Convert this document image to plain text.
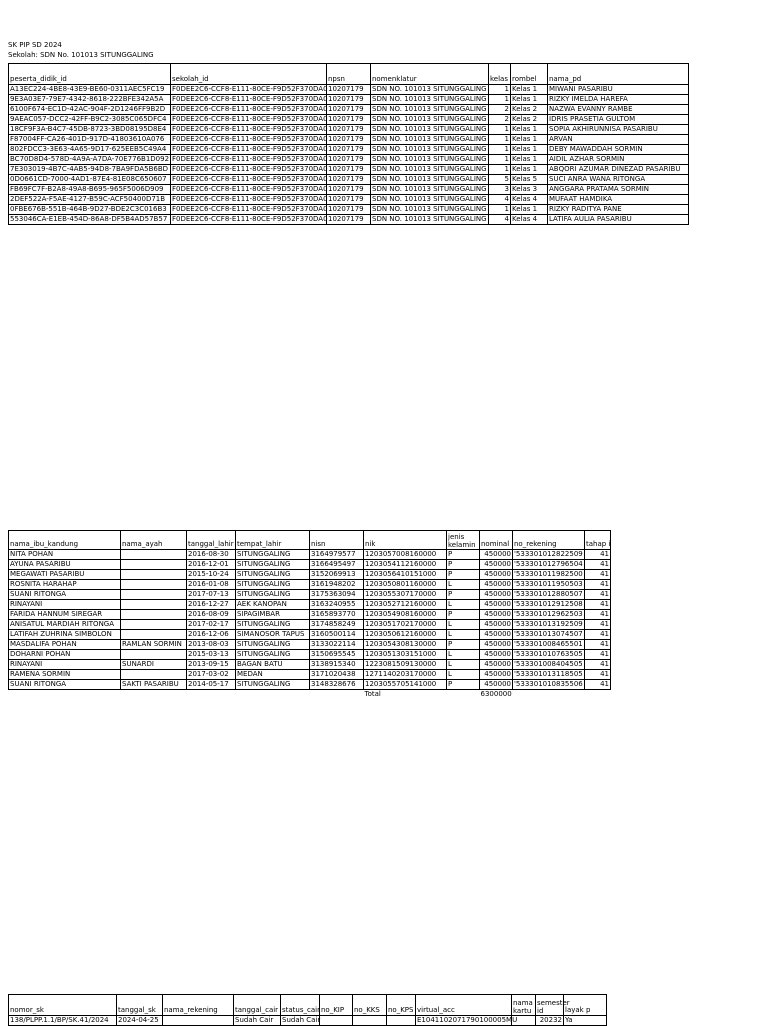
SK PIP SD 2024
Sekolah: SDN No. 101013 SITUNGGALING
peserta_didik_id	sekolah_id	npsn	nomenklatur	kelas	rombel	nama_pd
A13EC224-4BE8-43E9-BE60-0311AEC5FC19	F0DEE2C6-CCF8-E111-80CE-F9D52F370DA0	10207179	SDN NO. 101013 SITUNGGALING	1	Kelas 1	MIWANI PASARIBU
9E3A03E7-79E7-4342-8618-222BFE342A5A	F0DEE2C6-CCF8-E111-80CE-F9D52F370DA0	10207179	SDN NO. 101013 SITUNGGALING	1	Kelas 1	RIZKY IMELDA HAREFA
6100F674-EC1D-42AC-904F-2D1246FF9B2D	F0DEE2C6-CCF8-E111-80CE-F9D52F370DA0	10207179	SDN NO. 101013 SITUNGGALING	2	Kelas 2	NAZWA EVANNY RAMBE
9AEAC057-DCC2-42FF-B9C2-3085C065DFC4	F0DEE2C6-CCF8-E111-80CE-F9D52F370DA0	10207179	SDN NO. 101013 SITUNGGALING	2	Kelas 2	IDRIS PRASETIA GULTOM
18CF9F3A-B4C7-45DB-8723-3BD08195D8E4	F0DEE2C6-CCF8-E111-80CE-F9D52F370DA0	10207179	SDN NO. 101013 SITUNGGALING	1	Kelas 1	SOPIA AKHIRUNNISA PASARIBU
F87004FF-CA26-401D-917D-41803610A076	F0DEE2C6-CCF8-E111-80CE-F9D52F370DA0	10207179	SDN NO. 101013 SITUNGGALING	1	Kelas 1	ARVAN
802FDCC3-3E63-4A65-9D17-625EEB5C49A4	F0DEE2C6-CCF8-E111-80CE-F9D52F370DA0	10207179	SDN NO. 101013 SITUNGGALING	1	Kelas 1	DEBY MAWADDAH SORMIN
BC70D8D4-578D-4A9A-A7DA-70E776B1D092	F0DEE2C6-CCF8-E111-80CE-F9D52F370DA0	10207179	SDN NO. 101013 SITUNGGALING	1	Kelas 1	AIDIL AZHAR SORMIN
7E303019-4B7C-4AB5-94D8-7BA9FDA5B6BD	F0DEE2C6-CCF8-E111-80CE-F9D52F370DA0	10207179	SDN NO. 101013 SITUNGGALING	1	Kelas 1	ABQORI AZUMAR DINEZAD PASARIBU
0D0661CD-7000-4AD1-87E4-81E08C650607	F0DEE2C6-CCF8-E111-80CE-F9D52F370DA0	10207179	SDN NO. 101013 SITUNGGALING	5	Kelas 5	SUCI ANRA WANA RITONGA
FB69FC7F-B2A8-49A8-B695-965F5006D909	F0DEE2C6-CCF8-E111-80CE-F9D52F370DA0	10207179	SDN NO. 101013 SITUNGGALING	3	Kelas 3	ANGGARA PRATAMA SORMIN
2DEF522A-F5AE-4127-B59C-ACF50400D71B	F0DEE2C6-CCF8-E111-80CE-F9D52F370DA0	10207179	SDN NO. 101013 SITUNGGALING	4	Kelas 4	MUFAAT HAMDIKA
0FBE676B-551B-464B-9D27-BDE2C3C016B3	F0DEE2C6-CCF8-E111-80CE-F9D52F370DA0	10207179	SDN NO. 101013 SITUNGGALING	1	Kelas 1	RIZKY RADITYA PANE
553046CA-E1EB-454D-86A8-DF5B4AD57B57	F0DEE2C6-CCF8-E111-80CE-F9D52F370DA0	10207179	SDN NO. 101013 SITUNGGALING	4	Kelas 4	LATIFA AULIA PASARIBU
nama_ibu_kandung	nama_ayah	tanggal_lahir	tempat_lahir	nisn	nik	jenis kelamin	nominal	no_rekening	tahap i
NITA POHAN		2016-08-30	SITUNGGALING	3164979577	1203057008160000	P	450000	'533301012822509	41
AYUNA PASARIBU		2016-12-01	SITUNGGALING	3166495497	1203054112160000	P	450000	'533301012796504	41
MEGAWATI PASARIBU		2015-10-24	SITUNGGALING	3152069913	1203056410151000	P	450000	'533301011982500	41
ROSNITA HARAHAP		2016-01-08	SITUNGGALING	3161948202	1203050801160000	L	450000	'533301011950503	41
SUANI RITONGA		2017-07-13	SITUNGGALING	3175363094	1203055307170000	P	450000	'533301012880507	41
RINAYANI		2016-12-27	AEK KANOPAN	3163240955	1203052712160000	L	450000	'533301012912508	41
FARIDA HANNUM SIREGAR		2016-08-09	SIPAGIMBAR	3165893770	1203054908160000	P	450000	'533301012962503	41
ANISATUL MARDIAH RITONGA		2017-02-17	SITUNGGALING	3174858249	1203051702170000	L	450000	'533301013192509	41
LATIFAH ZUHRINA SIMBOLON		2016-12-06	SIMANOSOR TAPUS	3160500114	1203050612160000	L	450000	'533301013074507	41
MASDALIFA POHAN	RAMLAN SORMIN	2013-08-03	SITUNGGALING	3133022114	1203054308130000	P	450000	'533301008465501	41
DOHARNI POHAN		2015-03-13	SITUNGGALING	3150695545	1203051303151000	L	450000	'533301010763505	41
RINAYANI	SUNARDI	2013-09-15	BAGAN BATU	3138915340	1223081509130000	L	450000	'533301008404505	41
RAMENA SORMIN		2017-03-02	MEDAN	3171020438	1271140203170000	L	450000	'533301013118505	41
SUANI RITONGA	SAKTI PASARIBU	2014-05-17	SITUNGGALING	3148328676	1203055705141000	P	450000	'533301010835506	41
					Total		6300000		
nomor_sk	tanggal_sk	nama_rekening	tanggal_cair	status_cair	no_KIP	no_KKS	no_KPS	virtual_acc	nama kartu	semester id	layak p
138/PLPP.1.1/BP/SK.41/2024	2024-04-25		Sudah Cair	Sudah Cair				E1041102071790100005MU		20232	Ya
